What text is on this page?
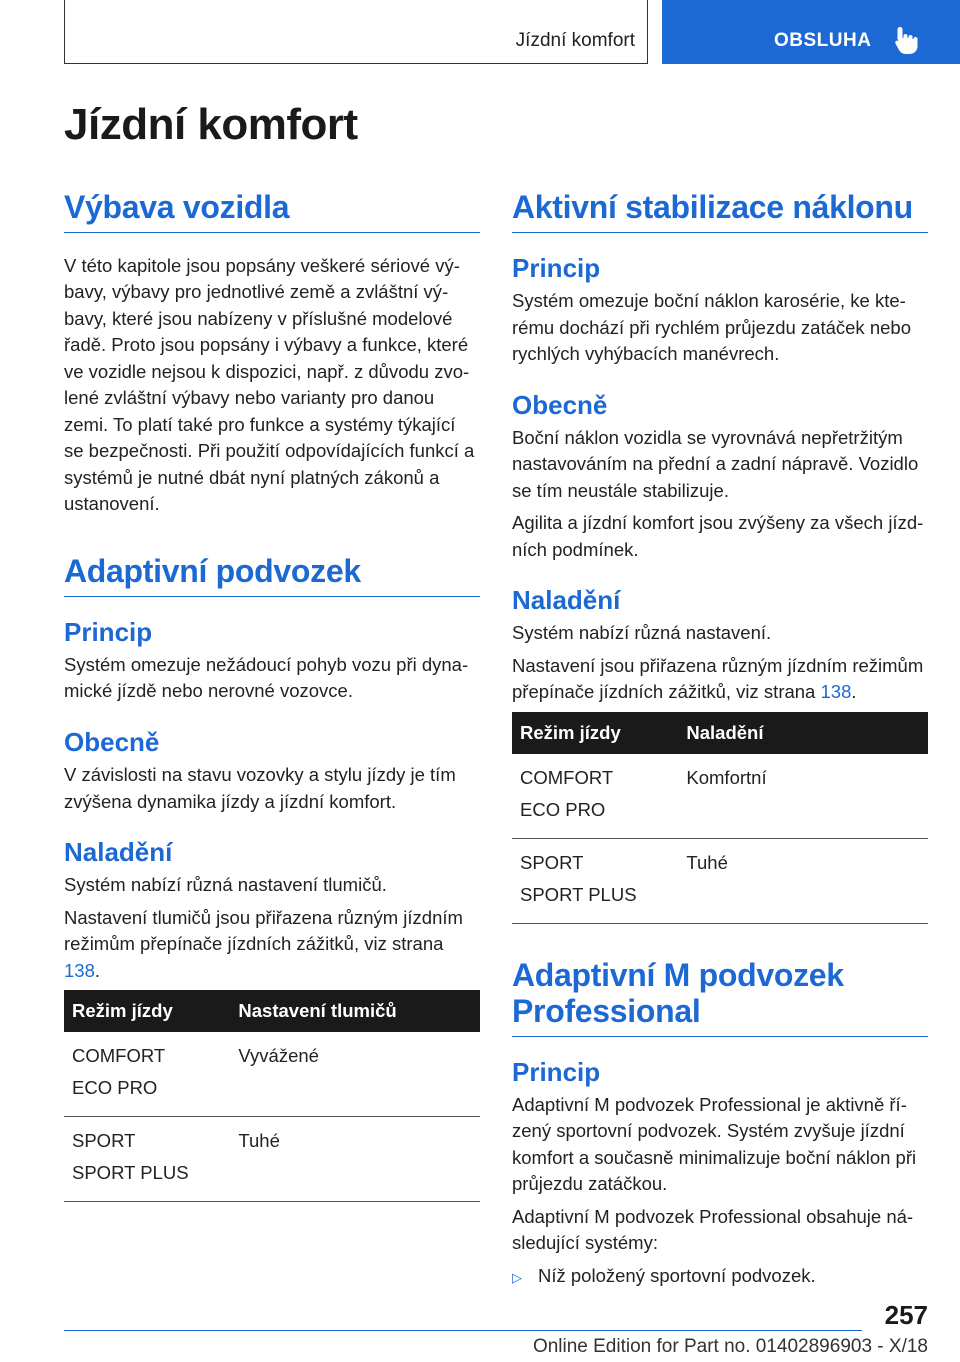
Jízdní komfort	OBSLUHA
Jízdní komfort
Výbava vozidla

V této kapitole jsou popsány veškeré sériové výbavy, výbavy pro jednotlivé země a zvláštní výbavy, které jsou nabízeny v příslušné modelové řadě. Proto jsou popsány i výbavy a funkce, které ve vozidle nejsou k dispozici, např. z důvodu zvolené zvláštní výbavy nebo varianty pro danou zemi. To platí také pro funkce a systémy týkající se bezpečnosti. Při použití odpovídajících funkcí a systémů je nutné dbát nyní platných zákonů a ustanovení.

Adaptivní podvozek
Princip

Systém omezuje nežádoucí pohyb vozu při dynamické jízdě nebo nerovné vozovce.

Obecně

V závislosti na stavu vozovky a stylu jízdy je tím zvýšena dynamika jízdy a jízdní komfort.

Naladění

Systém nabízí různá nastavení tlumičů.

Nastavení tlumičů jsou přiřazena různým jízdním režimům přepínače jízdních zážitků, viz strana 138.

Režim jízdy	Nastavení tlumičů

COMFORT
ECO PRO	Vyvážené

SPORT
SPORT PLUS	Tuhé
Aktivní stabilizace náklonu
Princip

Systém omezuje boční náklon karosérie, ke kterému dochází při rychlém průjezdu zatáček nebo rychlých vyhýbacích manévrech.

Obecně

Boční náklon vozidla se vyrovnává nepřetržitým nastavováním na přední a zadní nápravě. Vozidlo se tím neustále stabilizuje.

Agilita a jízdní komfort jsou zvýšeny za všech jízdních podmínek.

Naladění

Systém nabízí různá nastavení.

Nastavení jsou přiřazena různým jízdním režimům přepínače jízdních zážitků, viz strana 138.

Režim jízdy	Naladění

COMFORT
ECO PRO	Komfortní

SPORT
SPORT PLUS	Tuhé
Adaptivní M podvozek Professional
Princip

Adaptivní M podvozek Professional je aktivně řízený sportovní podvozek. Systém zvyšuje jízdní komfort a současně minimalizuje boční náklon při průjezdu zatáčkou.

Adaptivní M podvozek Professional obsahuje následující systémy:

▷ Níž položený sportovní podvozek.
257
Online Edition for Part no. 01402896903 - X/18
